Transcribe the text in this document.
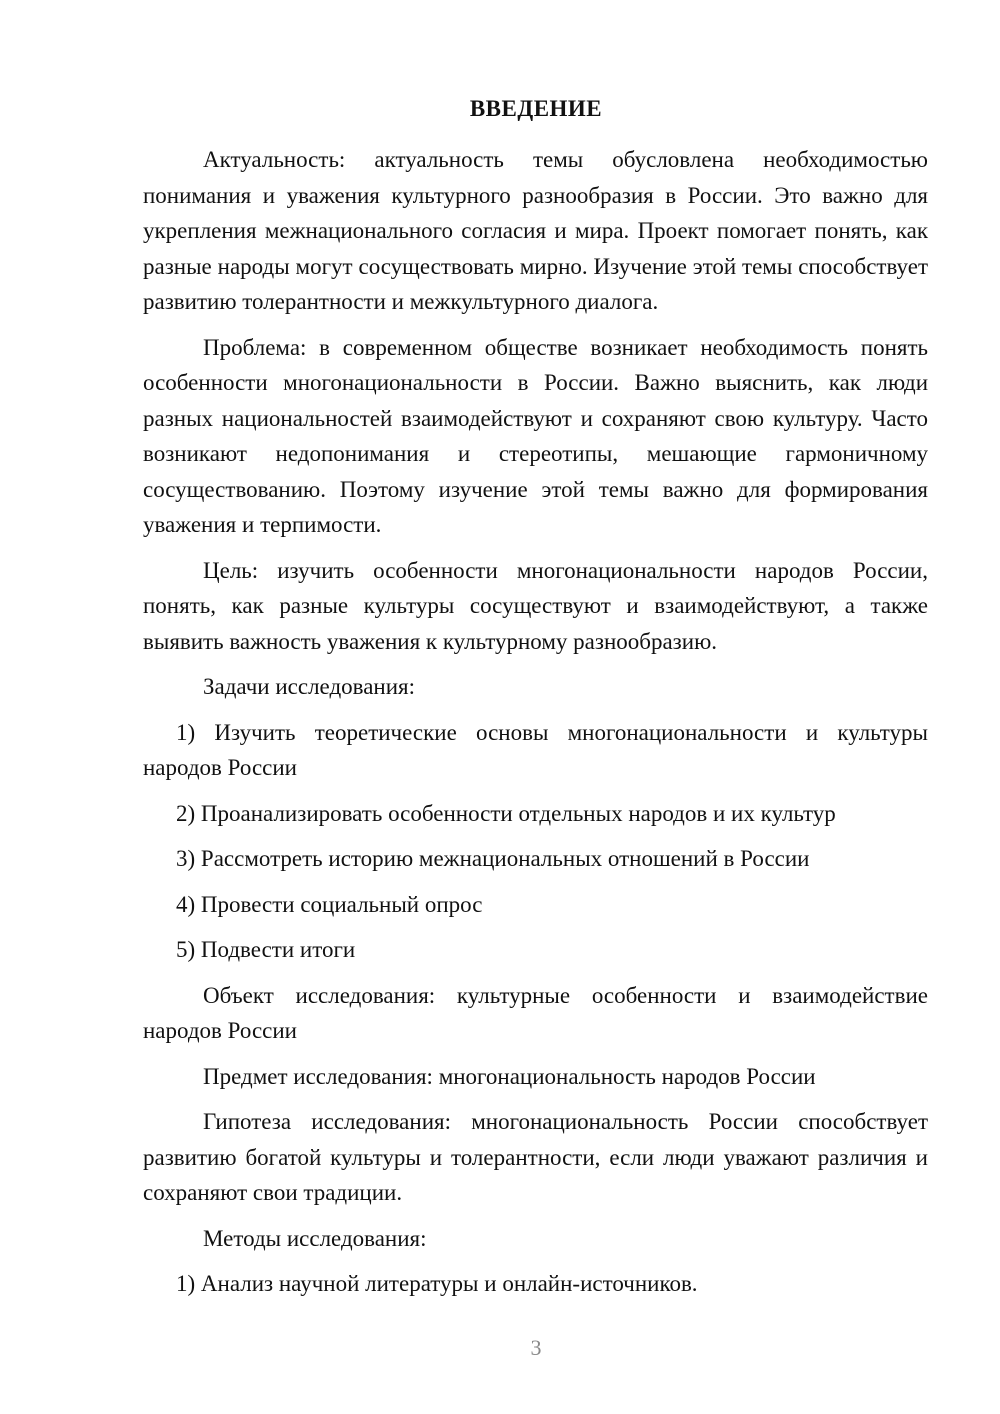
ВВЕДЕНИЕ

Актуальность: актуальность темы обусловлена необходимостью понимания и уважения культурного разнообразия в России. Это важно для укрепления межнационального согласия и мира. Проект помогает понять, как разные народы могут сосуществовать мирно. Изучение этой темы способствует развитию толерантности и межкультурного диалога.

Проблема: в современном обществе возникает необходимость понять особенности многонациональности в России. Важно выяснить, как люди разных национальностей взаимодействуют и сохраняют свою культуру. Часто возникают недопонимания и стереотипы, мешающие гармоничному сосуществованию. Поэтому изучение этой темы важно для формирования уважения и терпимости.

Цель: изучить особенности многонациональности народов России, понять, как разные культуры сосуществуют и взаимодействуют, а также выявить важность уважения к культурному разнообразию.

Задачи исследования:

1) Изучить теоретические основы многонациональности и культуры народов России

2) Проанализировать особенности отдельных народов и их культур

3) Рассмотреть историю межнациональных отношений в России

4) Провести социальный опрос

5) Подвести итоги

Объект исследования: культурные особенности и взаимодействие народов России

Предмет исследования: многонациональность народов России

Гипотеза исследования: многонациональность России способствует развитию богатой культуры и толерантности, если люди уважают различия и сохраняют свои традиции.

Методы исследования:

1) Анализ научной литературы и онлайн-источников.

3
